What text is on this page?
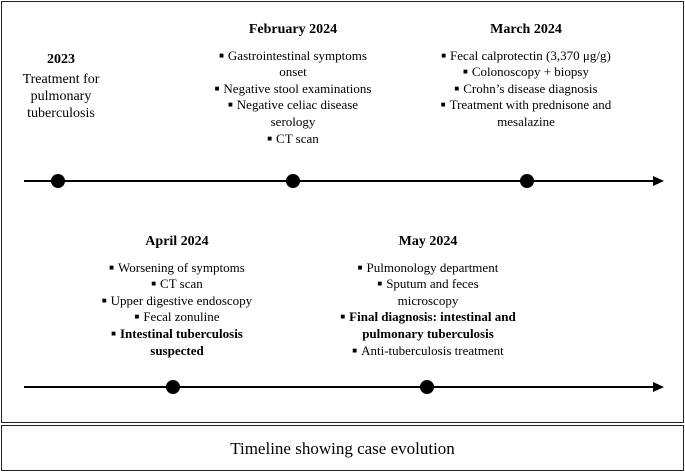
2023
Treatment for
pulmonary
tuberculosis
February 2024
■ Gastrointestinal symptoms onset
■ Negative stool examinations
■ Negative celiac disease serology
■ CT scan
March 2024
■ Fecal calprotectin (3,370 μg/g)
■ Colonoscopy + biopsy
■ Crohn’s disease diagnosis
■ Treatment with prednisone and mesalazine
April 2024
■ Worsening of symptoms
■ CT scan
■ Upper digestive endoscopy
■ Fecal zonuline
■ Intestinal tuberculosis suspected
May 2024
■ Pulmonology department
■ Sputum and feces microscopy
■ Final diagnosis: intestinal and pulmonary tuberculosis
■ Anti-tuberculosis treatment
Timeline showing case evolution
